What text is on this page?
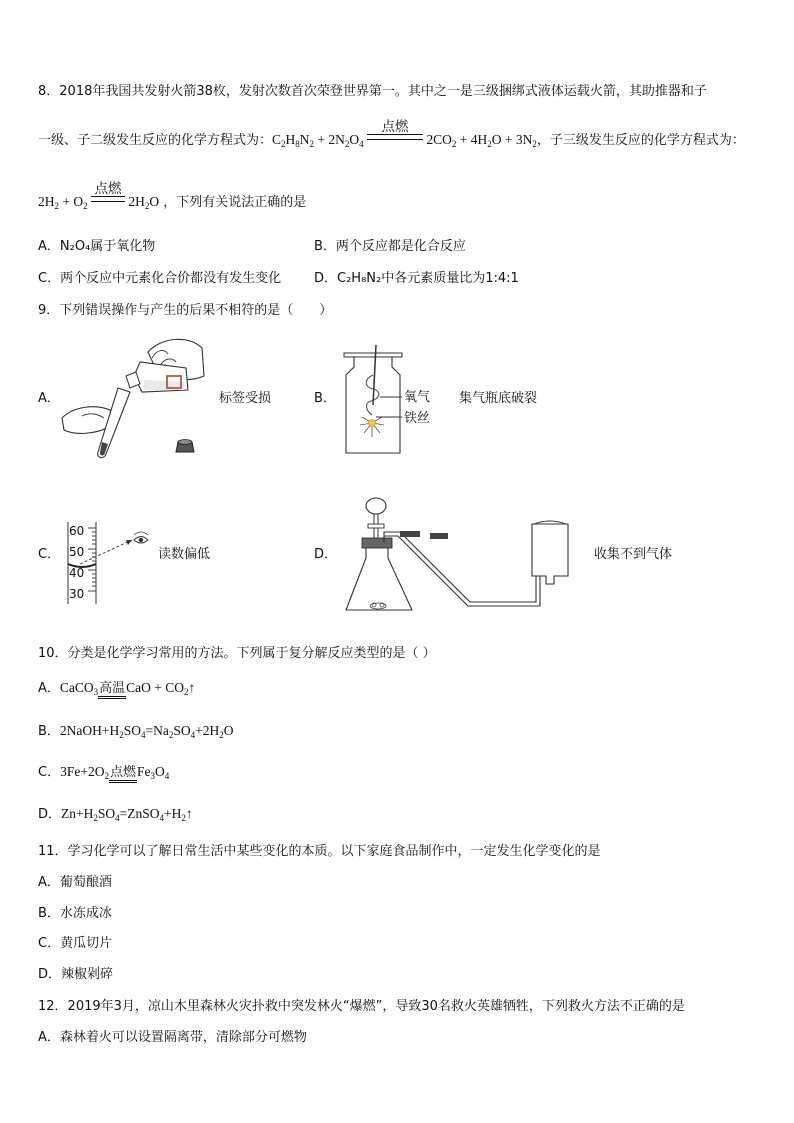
8．2018年我国共发射火箭38枚，发射次数首次荣登世界第一。其中之一是三级捆绑式液体运载火箭，其助推器和子
一级、子二级发生反应的化学方程式为：$C_2H_8N_2 + 2N_2O_4$
点燃
$2CO_2 + 4H_2O + 3N_2$，子三级发生反应的化学方程式为：
$2H_2 + O_2$
点燃
$2H_2O$ ，下列有关说法正确的是
A．N₂O₄属于氧化物	B．两个反应都是化合反应
C．两个反应中元素化合价都没有发生变化	D．C₂H₈N₂中各元素质量比为1:4:1
9．下列错误操作与产生的后果不相符的是（　　）
A．	标签受损	B．	氧气
铁丝
集气瓶底破裂
C．
60
50
40
30
读数偏低	D．	收集不到气体
10．分类是化学学习常用的方法。下列属于复分解反应类型的是（ ）
A．CaCO$_3$高温CaO + $CO_2↑$
B．$2NaOH+H_2SO_4=Na_2SO_4+2H_2O$
C．$3Fe+2O_2$点燃$Fe_3O_4$
D．$Zn+H_2SO_4=ZnSO_4+H_2↑$
11．学习化学可以了解日常生活中某些变化的本质。以下家庭食品制作中，一定发生化学变化的是
A．葡萄酿酒
B．水冻成冰
C．黄瓜切片
D．辣椒剁碎
12．2019年3月，凉山木里森林火灾扑救中突发林火“爆燃”，导致30名救火英雄牺牲，下列救火方法不正确的是
A．森林着火可以设置隔离带，清除部分可燃物
